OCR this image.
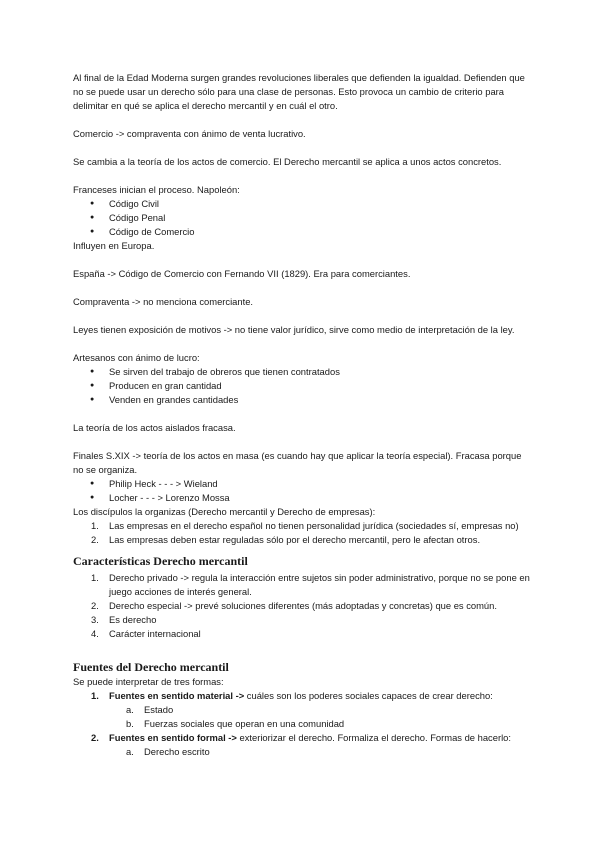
Al final de la Edad Moderna surgen grandes revoluciones liberales que defienden la igualdad. Defienden que no se puede usar un derecho sólo para una clase de personas. Esto provoca un cambio de criterio para delimitar en qué se aplica el derecho mercantil y en cuál el otro.

Comercio -> compraventa con ánimo de venta lucrativo.

Se cambia a la teoría de los actos de comercio. El Derecho mercantil se aplica a unos actos concretos.

Franceses inician el proceso. Napoleón:

● Código Civil
● Código Penal
● Código de Comercio

Influyen en Europa.

España -> Código de Comercio con Fernando VII (1829). Era para comerciantes.

Compraventa -> no menciona comerciante.

Leyes tienen exposición de motivos -> no tiene valor jurídico, sirve como medio de interpretación de la ley.

Artesanos con ánimo de lucro:

● Se sirven del trabajo de obreros que tienen contratados
● Producen en gran cantidad
● Venden en grandes cantidades

La teoría de los actos aislados fracasa.

Finales S.XIX -> teoría de los actos en masa (es cuando hay que aplicar la teoría especial). Fracasa porque no se organiza.

● Philip Heck - - - > Wieland
● Locher - - - > Lorenzo Mossa

Los discípulos la organizas (Derecho mercantil y Derecho de empresas):

1. Las empresas en el derecho español no tienen personalidad jurídica (sociedades sí, empresas no)
2. Las empresas deben estar reguladas sólo por el derecho mercantil, pero le afectan otros.
Características Derecho mercantil
1. Derecho privado -> regula la interacción entre sujetos sin poder administrativo, porque no se pone en juego acciones de interés general.
2. Derecho especial -> prevé soluciones diferentes (más adoptadas y concretas) que es común.
3. Es derecho
4. Carácter internacional
Fuentes del Derecho mercantil

Se puede interpretar de tres formas:

1. Fuentes en sentido material -> cuáles son los poderes sociales capaces de crear derecho:
a. Estado
b. Fuerzas sociales que operan en una comunidad
2. Fuentes en sentido formal -> exteriorizar el derecho. Formaliza el derecho. Formas de hacerlo:
a. Derecho escrito
